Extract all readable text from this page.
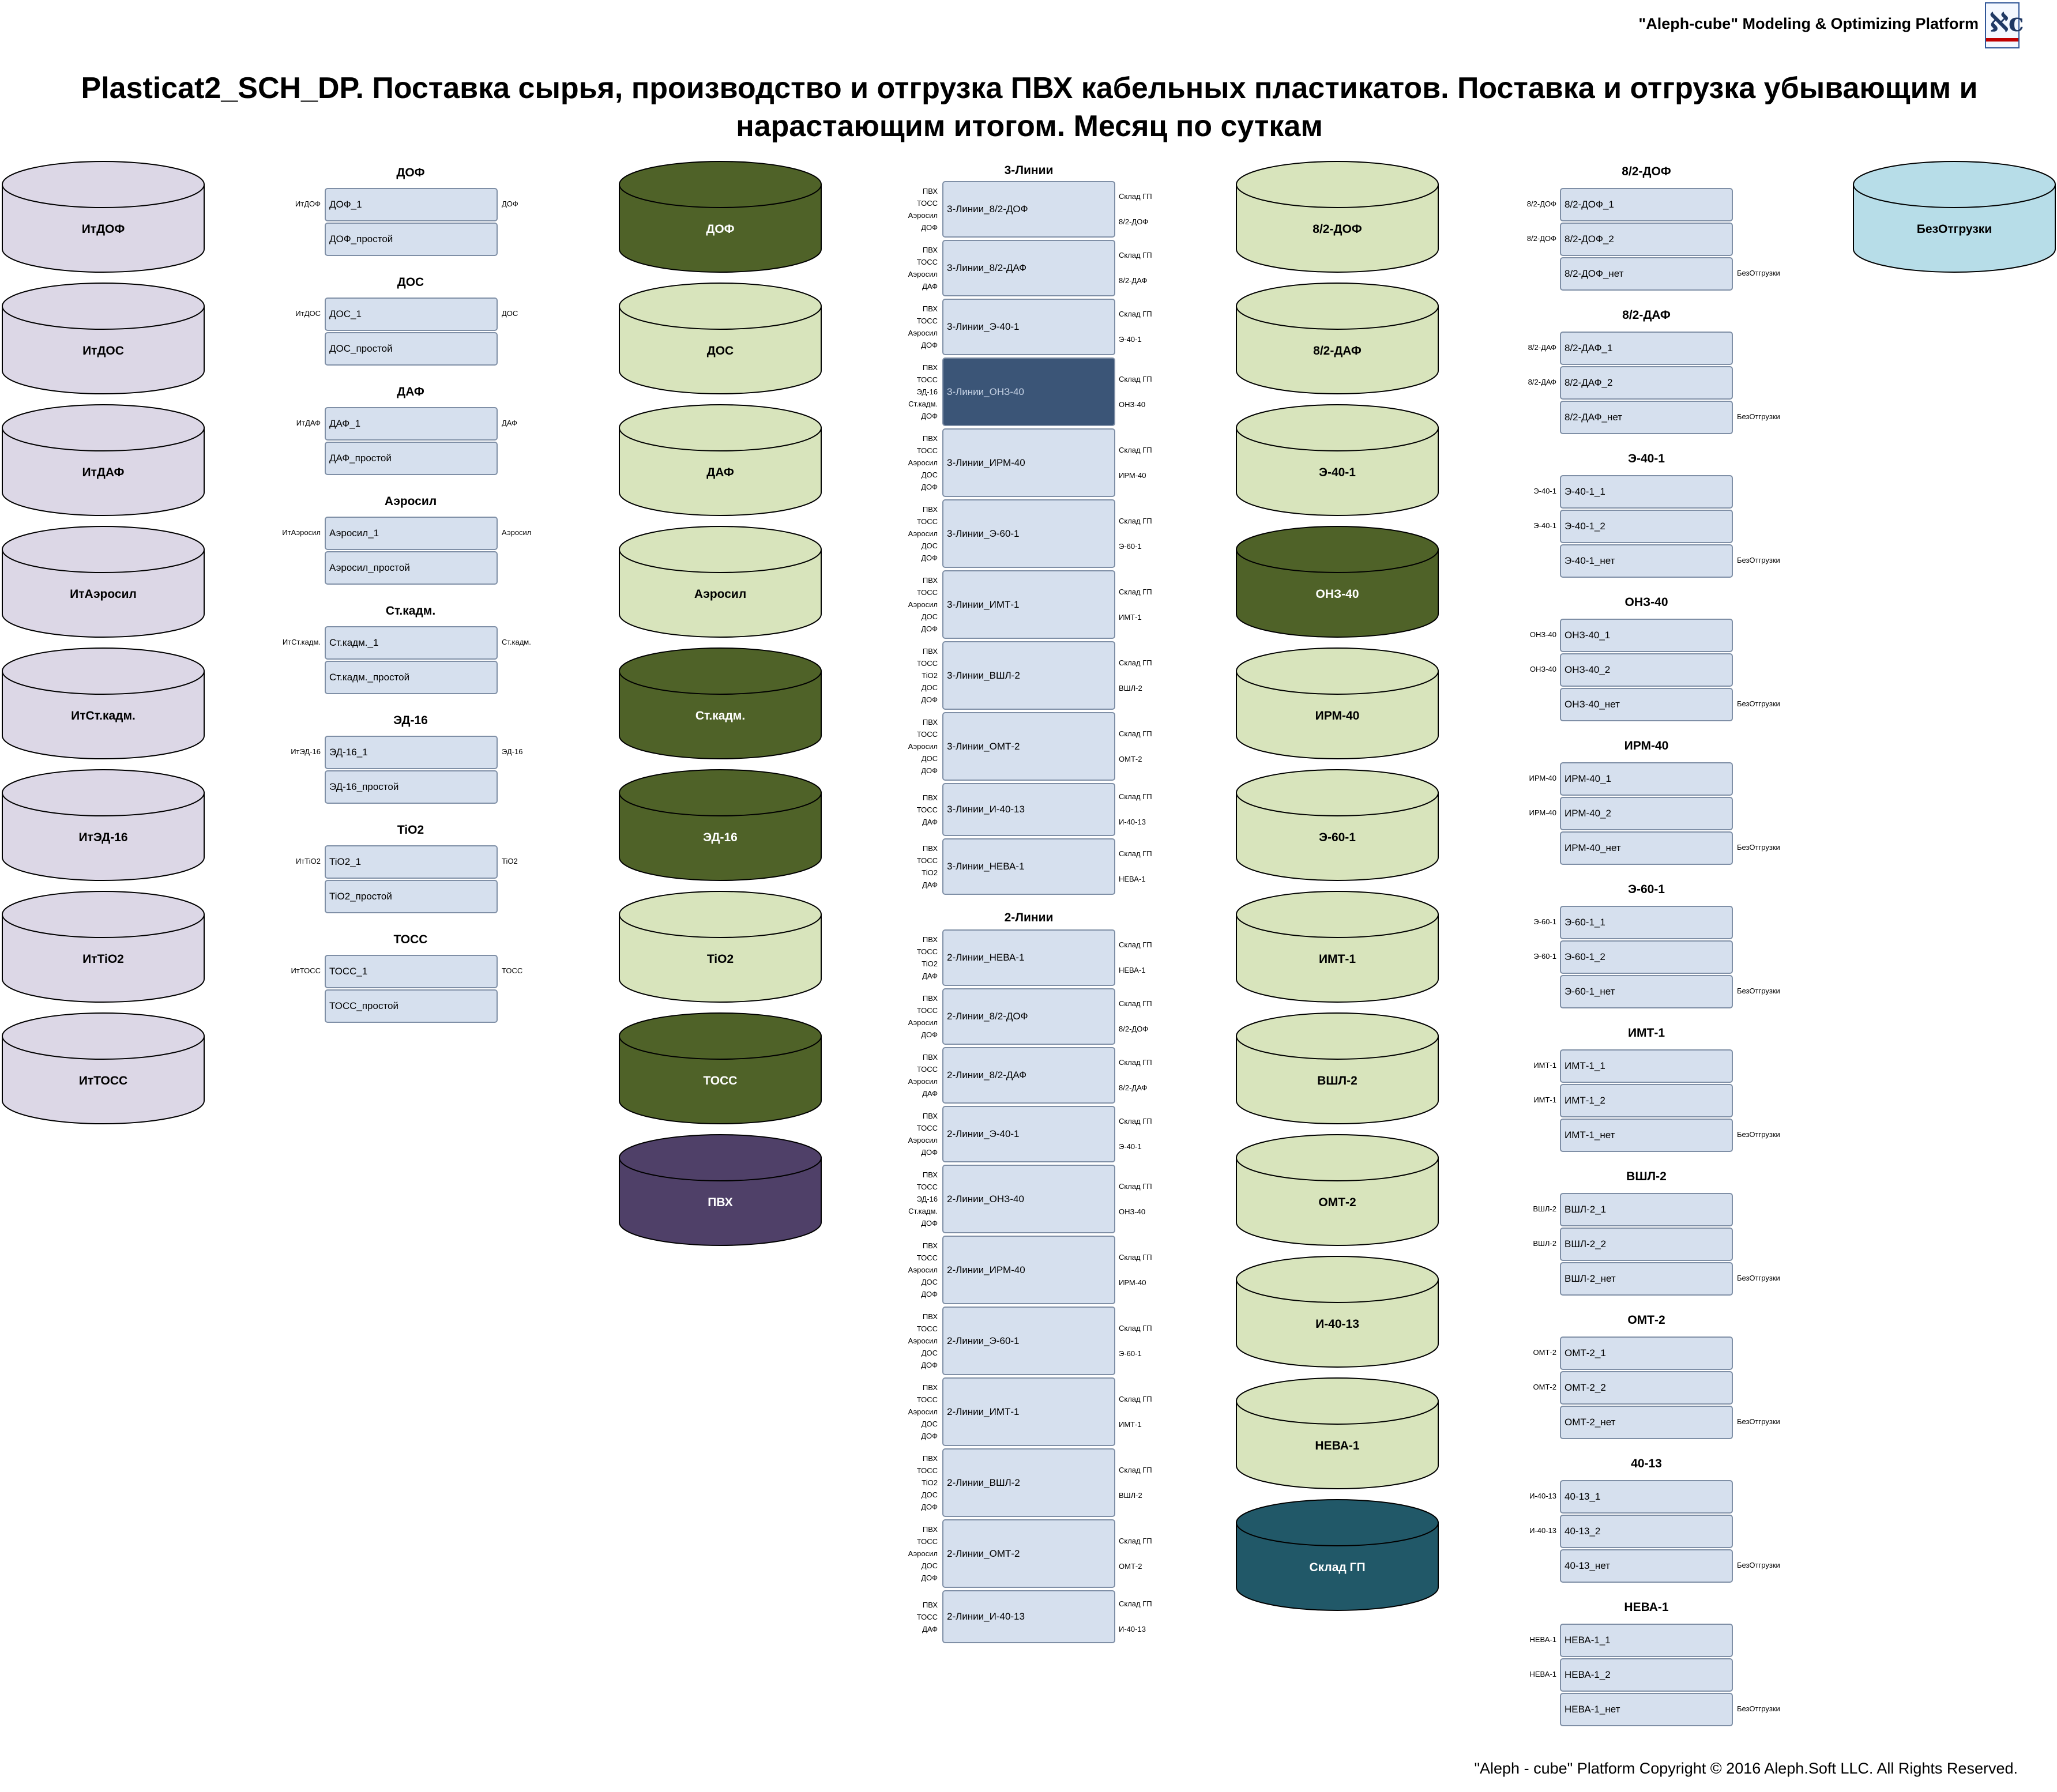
"Aleph-cube" Modeling & Optimizing Platform ℵc
Plasticat2_SCH_DP. Поставка сырья, производство и отгрузка ПВХ кабельных пластикатов. Поставка и отгрузка убывающим и нарастающим итогом. Месяц по суткам
"Aleph - cube" Platform Copyright © 2016 Aleph.Soft LLC. All Rights Reserved.
ИтДОФ
ИтДОС
ИтДАФ
ИтАэросил
ИтСт.кадм.
ИтЭД-16
ИтTiO2
ИтТОСС
ДОФ
ИтДОФ ДОФ_1	ДОФ
ДОФ_простой
ДОС
ИтДОС ДОС_1	ДОС
ДОС_простой
ДАФ
ИтДАФ ДАФ_1	ДАФ
ДАФ_простой
Аэросил
ИтАэросил Аэросил_1	Аэросил
Аэросил_простой
Ст.кадм.
ИтСт.кадм. Ст.кадм._1	Ст.кадм.
Ст.кадм._простой
ЭД-16
ИтЭД-16 ЭД-16_1	ЭД-16
ЭД-16_простой
TiO2
ИтTiO2 TiO2_1	TiO2
TiO2_простой
ТОСС
ИтТОСС ТОСС_1	ТОСС
ТОСС_простой
ДОФ
ДОС
ДАФ
Аэросил
Ст.кадм.
ЭД-16
TiO2
ТОСС
ПВХ
3-Линии
3-Линии_8/2-ДОФ
ПВХ
ТОСС
Аэросил
ДОФ
Склад ГП
8/2-ДОФ
3-Линии_8/2-ДАФ
ПВХ
ТОСС
Аэросил
ДАФ
Склад ГП
8/2-ДАФ
3-Линии_Э-40-1
ПВХ
ТОСС
Аэросил
ДОФ
Склад ГП
Э-40-1
3-Линии_ОНЗ-40
ПВХ
ТОСС
ЭД-16
Ст.кадм.
ДОФ
Склад ГП
ОНЗ-40
3-Линии_ИРМ-40
ПВХ
ТОСС
Аэросил
ДОС
ДОФ
Склад ГП
ИРМ-40
3-Линии_Э-60-1
ПВХ
ТОСС
Аэросил
ДОС
ДОФ
Склад ГП
Э-60-1
3-Линии_ИМТ-1
ПВХ
ТОСС
Аэросил
ДОС
ДОФ
Склад ГП
ИМТ-1
3-Линии_ВШЛ-2
ПВХ
ТОСС
TiO2
ДОС
ДОФ
Склад ГП
ВШЛ-2
3-Линии_ОМТ-2
ПВХ
ТОСС
Аэросил
ДОС
ДОФ
Склад ГП
ОМТ-2
3-Линии_И-40-13
ПВХ
ТОСС
ДАФ
Склад ГП
И-40-13
3-Линии_НЕВА-1
ПВХ
ТОСС
TiO2
ДАФ
Склад ГП
НЕВА-1
2-Линии
2-Линии_НЕВА-1
ПВХ
ТОСС
TiO2
ДАФ
Склад ГП
НЕВА-1
2-Линии_8/2-ДОФ
ПВХ
ТОСС
Аэросил
ДОФ
Склад ГП
8/2-ДОФ
2-Линии_8/2-ДАФ
ПВХ
ТОСС
Аэросил
ДАФ
Склад ГП
8/2-ДАФ
2-Линии_Э-40-1
ПВХ
ТОСС
Аэросил
ДОФ
Склад ГП
Э-40-1
2-Линии_ОНЗ-40
ПВХ
ТОСС
ЭД-16
Ст.кадм.
ДОФ
Склад ГП
ОНЗ-40
2-Линии_ИРМ-40
ПВХ
ТОСС
Аэросил
ДОС
ДОФ
Склад ГП
ИРМ-40
2-Линии_Э-60-1
ПВХ
ТОСС
Аэросил
ДОС
ДОФ
Склад ГП
Э-60-1
2-Линии_ИМТ-1
ПВХ
ТОСС
Аэросил
ДОС
ДОФ
Склад ГП
ИМТ-1
2-Линии_ВШЛ-2
ПВХ
ТОСС
TiO2
ДОС
ДОФ
Склад ГП
ВШЛ-2
2-Линии_ОМТ-2
ПВХ
ТОСС
Аэросил
ДОС
ДОФ
Склад ГП
ОМТ-2
2-Линии_И-40-13
ПВХ
ТОСС
ДАФ
Склад ГП
И-40-13
8/2-ДОФ
8/2-ДАФ
Э-40-1
ОНЗ-40
ИРМ-40
Э-60-1
ИМТ-1
ВШЛ-2
ОМТ-2
И-40-13
НЕВА-1
Склад ГП
8/2-ДОФ
8/2-ДОФ 8/2-ДОФ_1
8/2-ДОФ 8/2-ДОФ_2
8/2-ДОФ_нет	БезОтгрузки
8/2-ДАФ
8/2-ДАФ 8/2-ДАФ_1
8/2-ДАФ 8/2-ДАФ_2
8/2-ДАФ_нет	БезОтгрузки
Э-40-1
Э-40-1 Э-40-1_1
Э-40-1 Э-40-1_2
Э-40-1_нет	БезОтгрузки
ОНЗ-40
ОНЗ-40 ОНЗ-40_1
ОНЗ-40 ОНЗ-40_2
ОНЗ-40_нет	БезОтгрузки
ИРМ-40
ИРМ-40 ИРМ-40_1
ИРМ-40 ИРМ-40_2
ИРМ-40_нет	БезОтгрузки
Э-60-1
Э-60-1 Э-60-1_1
Э-60-1 Э-60-1_2
Э-60-1_нет	БезОтгрузки
ИМТ-1
ИМТ-1 ИМТ-1_1
ИМТ-1 ИМТ-1_2
ИМТ-1_нет	БезОтгрузки
ВШЛ-2
ВШЛ-2 ВШЛ-2_1
ВШЛ-2 ВШЛ-2_2
ВШЛ-2_нет	БезОтгрузки
ОМТ-2
ОМТ-2 ОМТ-2_1
ОМТ-2 ОМТ-2_2
ОМТ-2_нет	БезОтгрузки
40-13
И-40-13 40-13_1
И-40-13 40-13_2
40-13_нет	БезОтгрузки
НЕВА-1
НЕВА-1 НЕВА-1_1
НЕВА-1 НЕВА-1_2
НЕВА-1_нет	БезОтгрузки
БезОтгрузки
